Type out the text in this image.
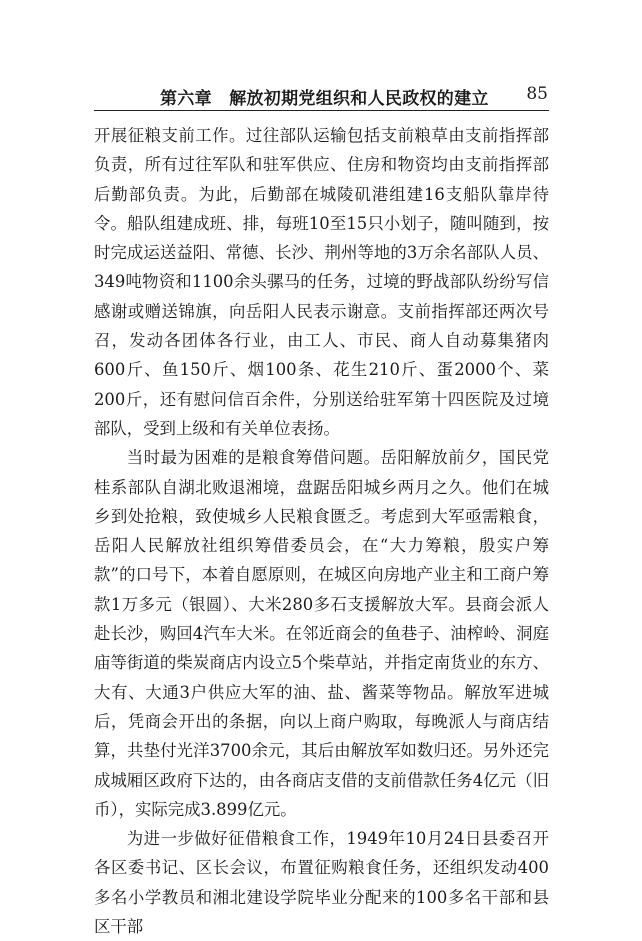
第六章　解放初期党组织和人民政权的建立 85

开展征粮支前工作。过往部队运输包括支前粮草由支前指挥部负责，所有过往军队和驻军供应、住房和物资均由支前指挥部后勤部负责。为此，后勤部在城陵矶港组建16支船队靠岸待令。船队组建成班、排，每班10至15只小划子，随叫随到，按时完成运送益阳、常德、长沙、荆州等地的3万余名部队人员、349吨物资和1100余头骡马的任务，过境的野战部队纷纷写信感谢或赠送锦旗，向岳阳人民表示谢意。支前指挥部还两次号召，发动各团体各行业，由工人、市民、商人自动募集猪肉600斤、鱼150斤、烟100条、花生210斤、蛋2000个、菜200斤，还有慰问信百余件，分别送给驻军第十四医院及过境部队，受到上级和有关单位表扬。

当时最为困难的是粮食筹借问题。岳阳解放前夕，国民党桂系部队自湖北败退湘境，盘踞岳阳城乡两月之久。他们在城乡到处抢粮，致使城乡人民粮食匮乏。考虑到大军亟需粮食，岳阳人民解放社组织筹借委员会，在“大力筹粮，殷实户筹款”的口号下，本着自愿原则，在城区向房地产业主和工商户筹款1万多元（银圆）、大米280多石支援解放大军。县商会派人赴长沙，购回4汽车大米。在邻近商会的鱼巷子、油榨岭、洞庭庙等街道的柴炭商店内设立5个柴草站，并指定南货业的东方、大有、大通3户供应大军的油、盐、酱菜等物品。解放军进城后，凭商会开出的条据，向以上商户购取，每晚派人与商店结算，共垫付光洋3700余元，其后由解放军如数归还。另外还完成城厢区政府下达的，由各商店支借的支前借款任务4亿元（旧币），实际完成3.899亿元。

为进一步做好征借粮食工作，1949年10月24日县委召开各区委书记、区长会议，布置征购粮食任务，还组织发动400多名小学教员和湘北建设学院毕业分配来的100多名干部和县区干部
